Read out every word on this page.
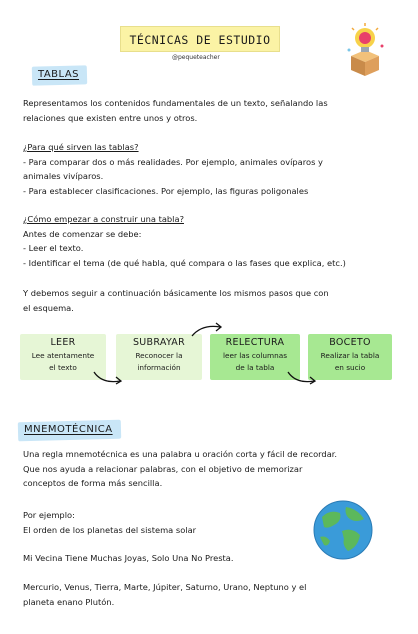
TÉCNICAS DE ESTUDIO
@pequeteacher
TABLAS
Representamos los contenidos fundamentales de un texto, señalando las
relaciones que existen entre unos y otros.
¿Para qué sirven las tablas?
- Para comparar dos o más realidades. Por ejemplo, animales ovíparos y
animales vivíparos.
- Para establecer clasificaciones. Por ejemplo, las figuras poligonales
¿Cómo empezar a construir una tabla?
Antes de comenzar se debe:
- Leer el texto.
- Identificar el tema (de qué habla, qué compara o las fases que explica, etc.)
Y debemos seguir a continuación básicamente los mismos pasos que con
el esquema.
LEER
Lee atentamente
el texto
SUBRAYAR
Reconocer la
información
RELECTURA
leer las columnas
de la tabla
BOCETO
Realizar la tabla
en sucio
MNEMOTÉCNICA
Una regla mnemotécnica es una palabra u oración corta y fácil de recordar.
Que nos ayuda a relacionar palabras, con el objetivo de memorizar
conceptos de forma más sencilla.
Por ejemplo:
El orden de los planetas del sistema solar
Mi Vecina Tiene Muchas Joyas, Solo Una No Presta.
Mercurio, Venus, Tierra, Marte, Júpiter, Saturno, Urano, Neptuno y el
planeta enano Plutón.
